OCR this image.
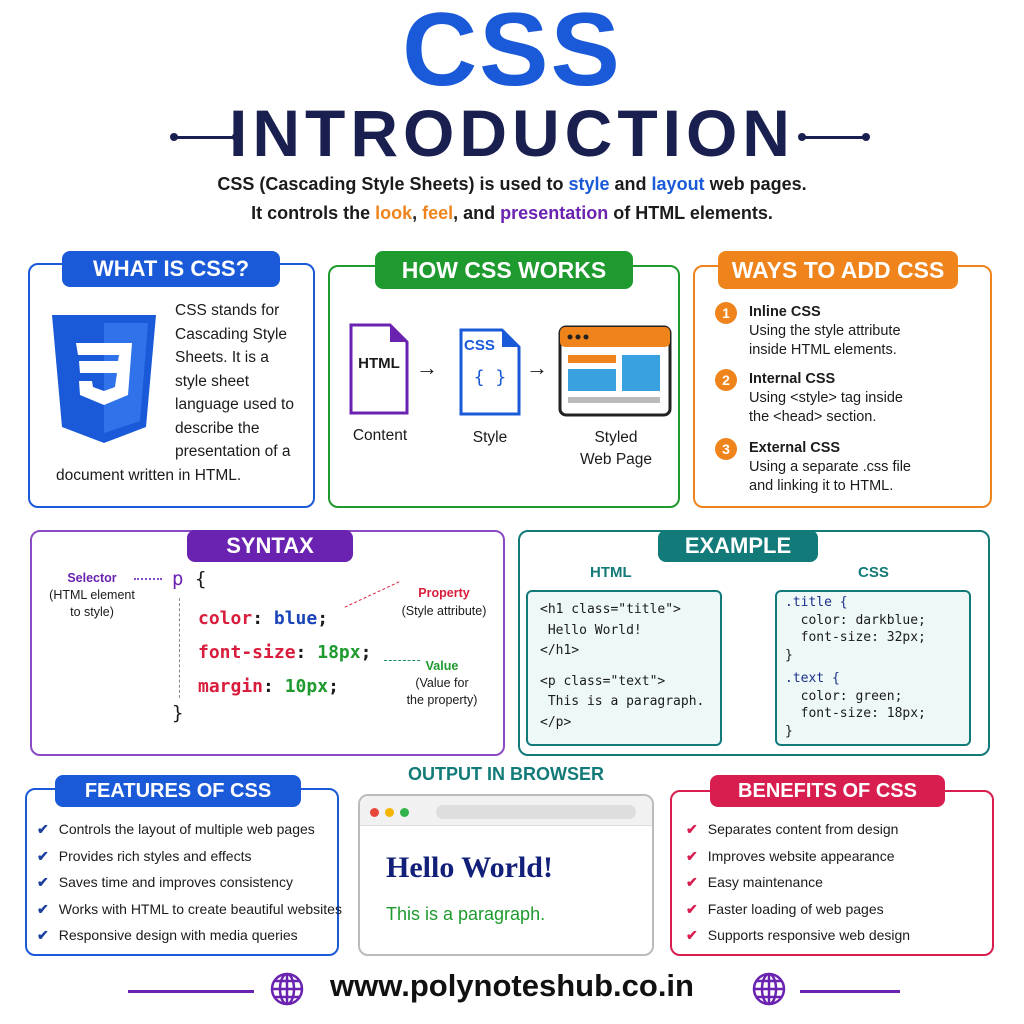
CSS
INTRODUCTION
CSS (Cascading Style Sheets) is used to style and layout web pages.
It controls the look, feel, and presentation of HTML elements.
CSS stands for
Cascading Style
Sheets. It is a
style sheet
language used to
describe the
presentation of a
document written in HTML.
WHAT IS CSS?
HTML →
CSS
{ } →
Content	Style	Styled
Web Page
HOW CSS WORKS
1	Inline CSS
Using the style attribute
inside HTML elements.
2	Internal CSS
Using <style> tag inside
the <head> section.
3	External CSS
Using a separate .css file
and linking it to HTML.
WAYS TO ADD CSS
Selector
(HTML element
to style)
p {
color: blue;
font-size: 18px;
margin: 10px;
}
Property
(Style attribute)
Value
(Value for
the property)
SYNTAX
HTML	CSS
<h1 class="title">
Hello World!
</h1>
<p class="text">
This is a paragraph.
</p>
.title {
color: darkblue;
font-size: 32px;
}
.text {
color: green;
font-size: 18px;
}
EXAMPLE
✔ Controls the layout of multiple web pages
✔ Provides rich styles and effects
✔ Saves time and improves consistency
✔ Works with HTML to create beautiful websites
✔ Responsive design with media queries
FEATURES OF CSS
OUTPUT IN BROWSER
Hello World!
This is a paragraph.
✔ Separates content from design
✔ Improves website appearance
✔ Easy maintenance
✔ Faster loading of web pages
✔ Supports responsive web design
BENEFITS OF CSS
www.polynoteshub.co.in
